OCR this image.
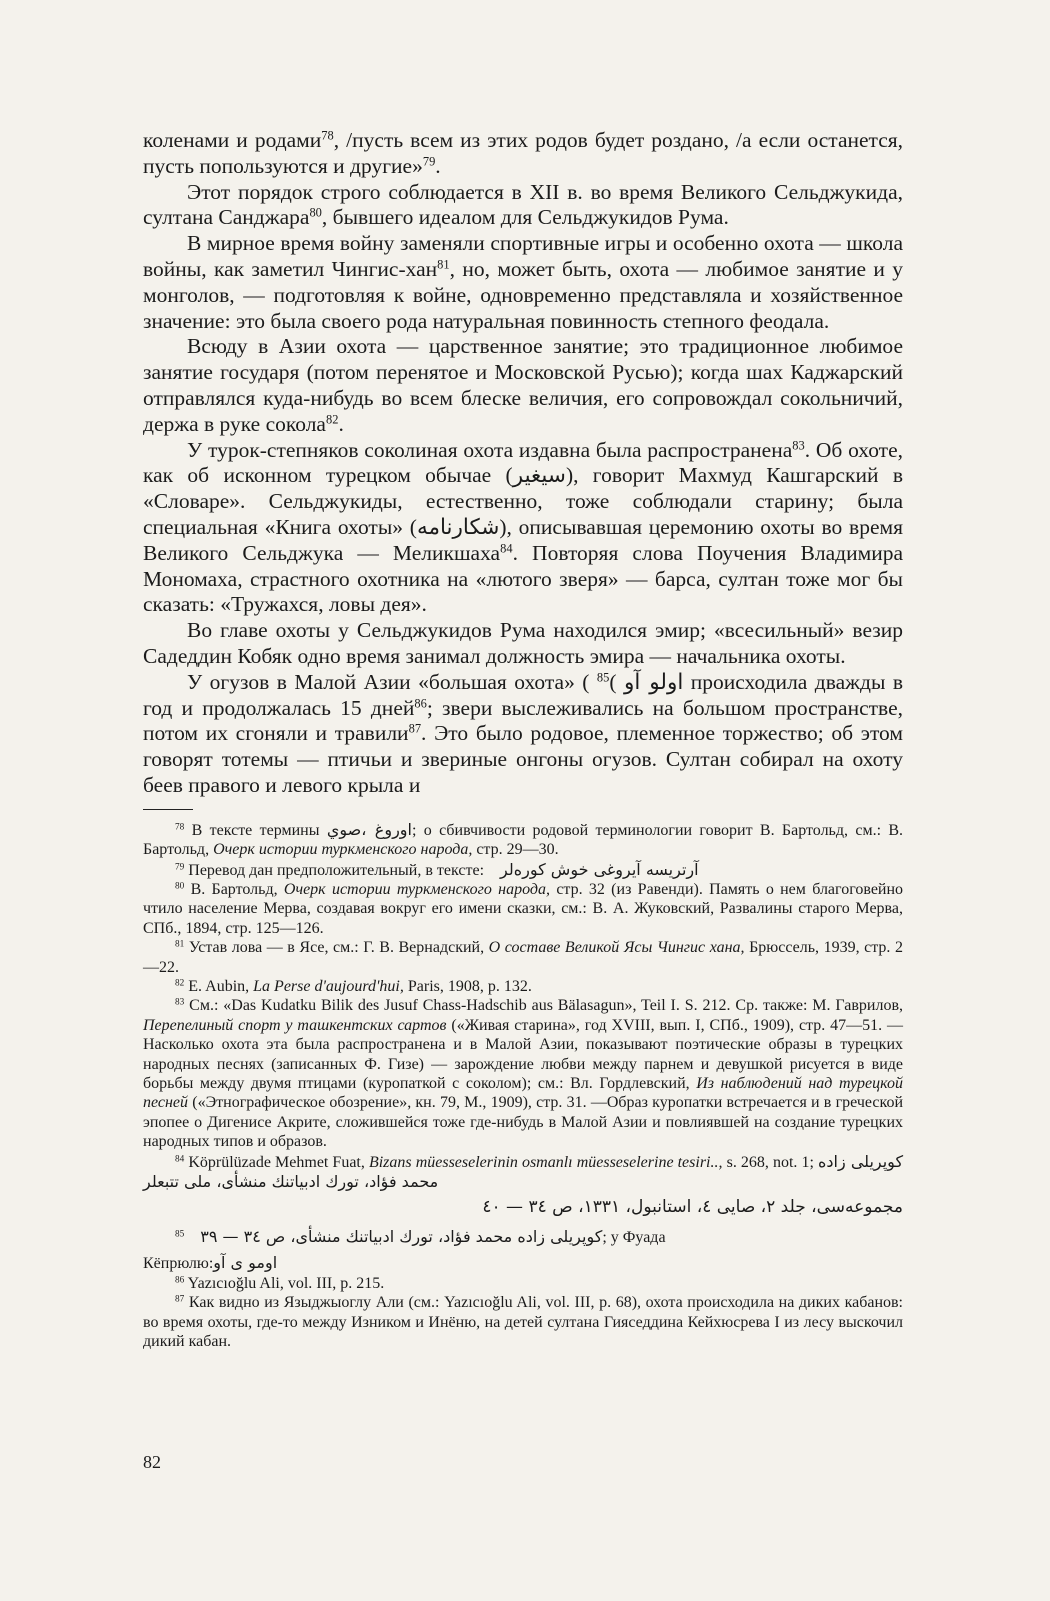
коленами и родами$^{78}$, /пусть всем из этих родов будет роздано, /а если останется, пусть попользуются и другие»$^{79}$.

Этот порядок строго соблюдается в XII в. во время Великого Сельджукида, султана Санджара$^{80}$, бывшего идеалом для Сельджукидов Рума.

В мирное время войну заменяли спортивные игры и особенно охота — школа войны, как заметил Чингис-хан$^{81}$, но, может быть, охота — любимое занятие и у монголов, — подготовляя к войне, одновременно представляла и хозяйственное значение: это была своего рода натуральная повинность степного феодала.

Всюду в Азии охота — царственное занятие; это традиционное любимое занятие государя (потом перенятое и Московской Русью); когда шах Каджарский отправлялся куда-нибудь во всем блеске величия, его сопровождал сокольничий, держа в руке сокола$^{82}$.

У турок-степняков соколиная охота издавна была распространена$^{83}$. Об охоте, как об исконном турецком обычае (سيغير), говорит Махмуд Кашгарский в «Словаре». Сельджукиды, естественно, тоже соблюдали старину; была специальная «Книга охоты» (شكارنامه), описывавшая церемонию охоты во время Великого Сельджука — Меликшаха$^{84}$. Повторяя слова Поучения Владимира Мономаха, страстного охотника на «лютого зверя» — барса, султан тоже мог бы сказать: «Тружахся, ловы дея».

Во главе охоты у Сельджукидов Рума находился эмир; «всесильный» везир Садеддин Кобяк одно время занимал должность эмира — начальника охоты.

У огузов в Малой Азии «большая охота» ( اولو آو )$^{85}$	происходила дважды в год и продолжалась 15 дней$^{86}$; звери выслеживались на большом пространстве, потом их сгоняли и травили$^{87}$. Это было родовое, племенное торжество; об этом говорят тотемы — птичьи и звериные онгоны огузов. Султан собирал на охоту беев правого и левого крыла и

$^{78}$ В тексте термины اوروغ ،صوي; о сбивчивости родовой терминологии говорит В. Бартольд, см.: В. Бартольд, Очерк истории туркменского народа, стр. 29—30.

$^{79}$ Перевод дан предположительный, в тексте: آرتريسه آيروغى خوش كورەلر

$^{80}$ В. Бартольд, Очерк истории туркменского народа, стр. 32 (из Равенди). Память о нем благоговейно чтило население Мерва, создавая вокруг его имени сказки, см.: В. А. Жуковский, Развалины старого Мерва, СПб., 1894, стр. 125—126.

$^{81}$ Устав лова — в Ясе, см.: Г. В. Вернадский, О составе Великой Ясы Чингис хана, Брюссель, 1939, стр. 2—22.

$^{82}$ E. Aubin, La Perse d'aujourd'hui, Paris, 1908, p. 132.

$^{83}$ См.: «Das Kudatku Bilik des Jusuf Chass-Hadschib aus Bälasagun», Teil I. S. 212. Ср. также: М. Гаврилов, Перепелиный спорт у ташкентских сартов («Живая старина», год XVIII, вып. I, СПб., 1909), стр. 47—51. — Насколько охота эта была распространена и в Малой Азии, показывают поэтические образы в турецких народных песнях (записанных Ф. Гизе) — зарождение любви между парнем и девушкой рисуется в виде борьбы между двумя птицами (куропаткой с соколом); см.: Вл. Гордлевский, Из наблюдений над турецкой песней («Этнографическое обозрение», кн. 79, М., 1909), стр. 31. —Образ куропатки встречается и в греческой эпопее о Дигенисе Акрите, сложившейся тоже где-нибудь в Малой Азии и повлиявшей на создание турецких народных типов и образов.

$^{84}$ Köprülüzade Mehmet Fuat, Bizans müesseselerinin osmanlı müesseselerine tesiri.., s. 268, not. 1; كوپريلى زاده محمد فؤاد، تورك ادبياتنك منشأى، ملى تتبعلر

مجموعەسى، جلد ٢، صايى ٤، استانبول، ١٣٣١، ص ٣٤ — ٤٠

$^{85}$ كوپريلى زاده محمد فؤاد، تورك ادبياتنك منشأى، ص ٣٤ — ٣٩; у Фуада

Кёпрюлю:اومو ى آو

$^{86}$ Yazıcıoğlu Ali, vol. III, p. 215.

$^{87}$ Как видно из Языджыоглу Али (см.: Yazıcıoğlu Ali, vol. III, p. 68), охота происходила на диких кабанов: во время охоты, где-то между Изником и Инёню, на детей султана Гияседдина Кейхюсрева I из лесу выскочил дикий кабан.

82
